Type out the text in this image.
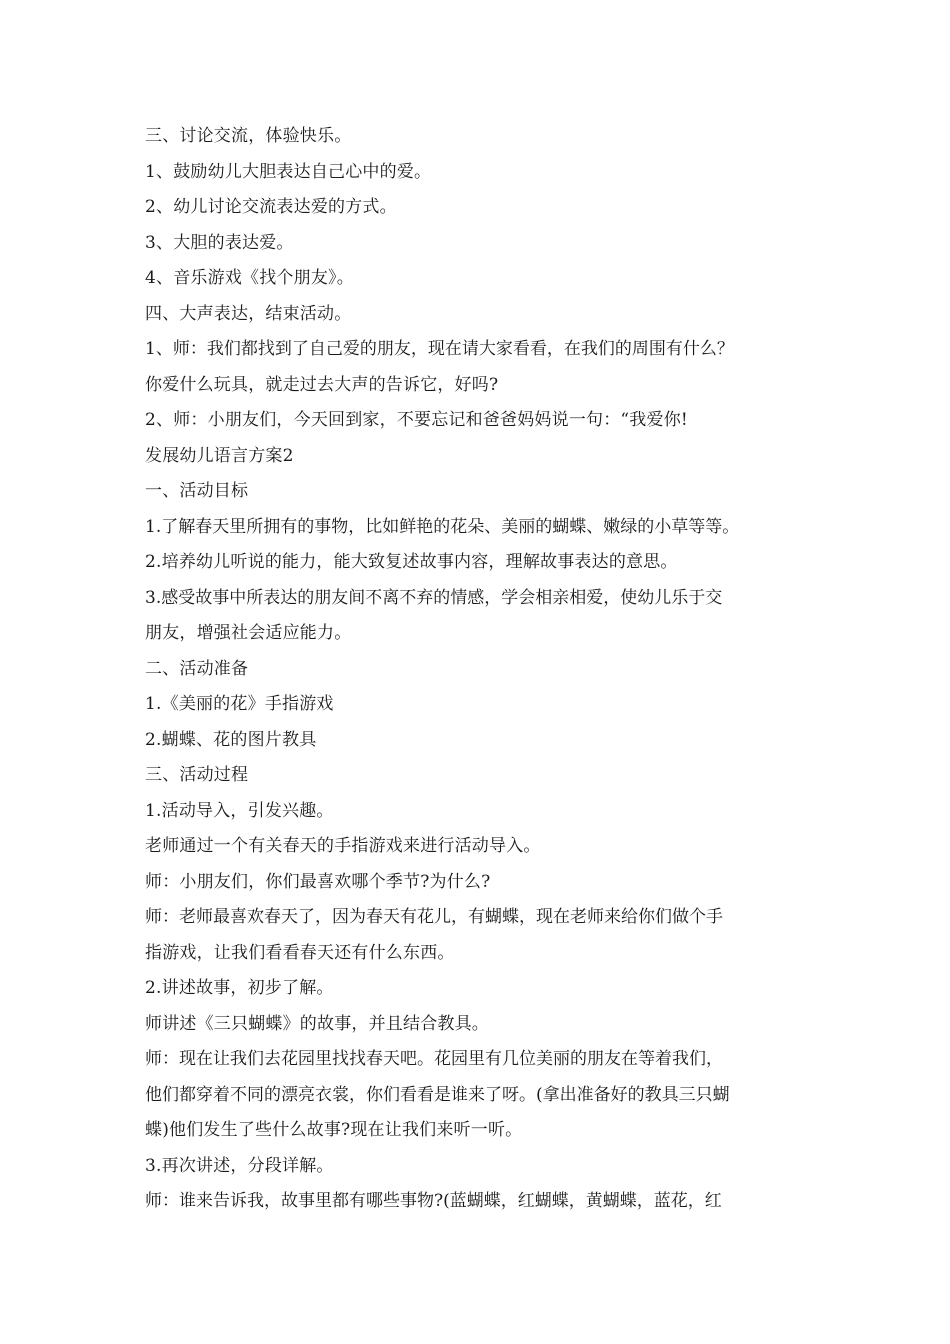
三、讨论交流，体验快乐。
1、鼓励幼儿大胆表达自己心中的爱。
2、幼儿讨论交流表达爱的方式。
3、大胆的表达爱。
4、音乐游戏《找个朋友》。
四、大声表达，结束活动。
1、师：我们都找到了自己爱的朋友，现在请大家看看，在我们的周围有什么？
你爱什么玩具，就走过去大声的告诉它，好吗?
2、师：小朋友们，今天回到家，不要忘记和爸爸妈妈说一句：“我爱你!
发展幼儿语言方案2
一、活动目标
1.了解春天里所拥有的事物，比如鲜艳的花朵、美丽的蝴蝶、嫩绿的小草等等。
2.培养幼儿听说的能力，能大致复述故事内容，理解故事表达的意思。
3.感受故事中所表达的朋友间不离不弃的情感，学会相亲相爱，使幼儿乐于交
朋友，增强社会适应能力。
二、活动准备
1.《美丽的花》手指游戏
2.蝴蝶、花的图片教具
三、活动过程
1.活动导入，引发兴趣。
老师通过一个有关春天的手指游戏来进行活动导入。
师：小朋友们，你们最喜欢哪个季节?为什么?
师：老师最喜欢春天了，因为春天有花儿，有蝴蝶，现在老师来给你们做个手
指游戏，让我们看看春天还有什么东西。
2.讲述故事，初步了解。
师讲述《三只蝴蝶》的故事，并且结合教具。
师：现在让我们去花园里找找春天吧。花园里有几位美丽的朋友在等着我们，
他们都穿着不同的漂亮衣裳，你们看看是谁来了呀。(拿出准备好的教具三只蝴
蝶)他们发生了些什么故事?现在让我们来听一听。
3.再次讲述，分段详解。
师：谁来告诉我，故事里都有哪些事物?(蓝蝴蝶，红蝴蝶，黄蝴蝶，蓝花，红
